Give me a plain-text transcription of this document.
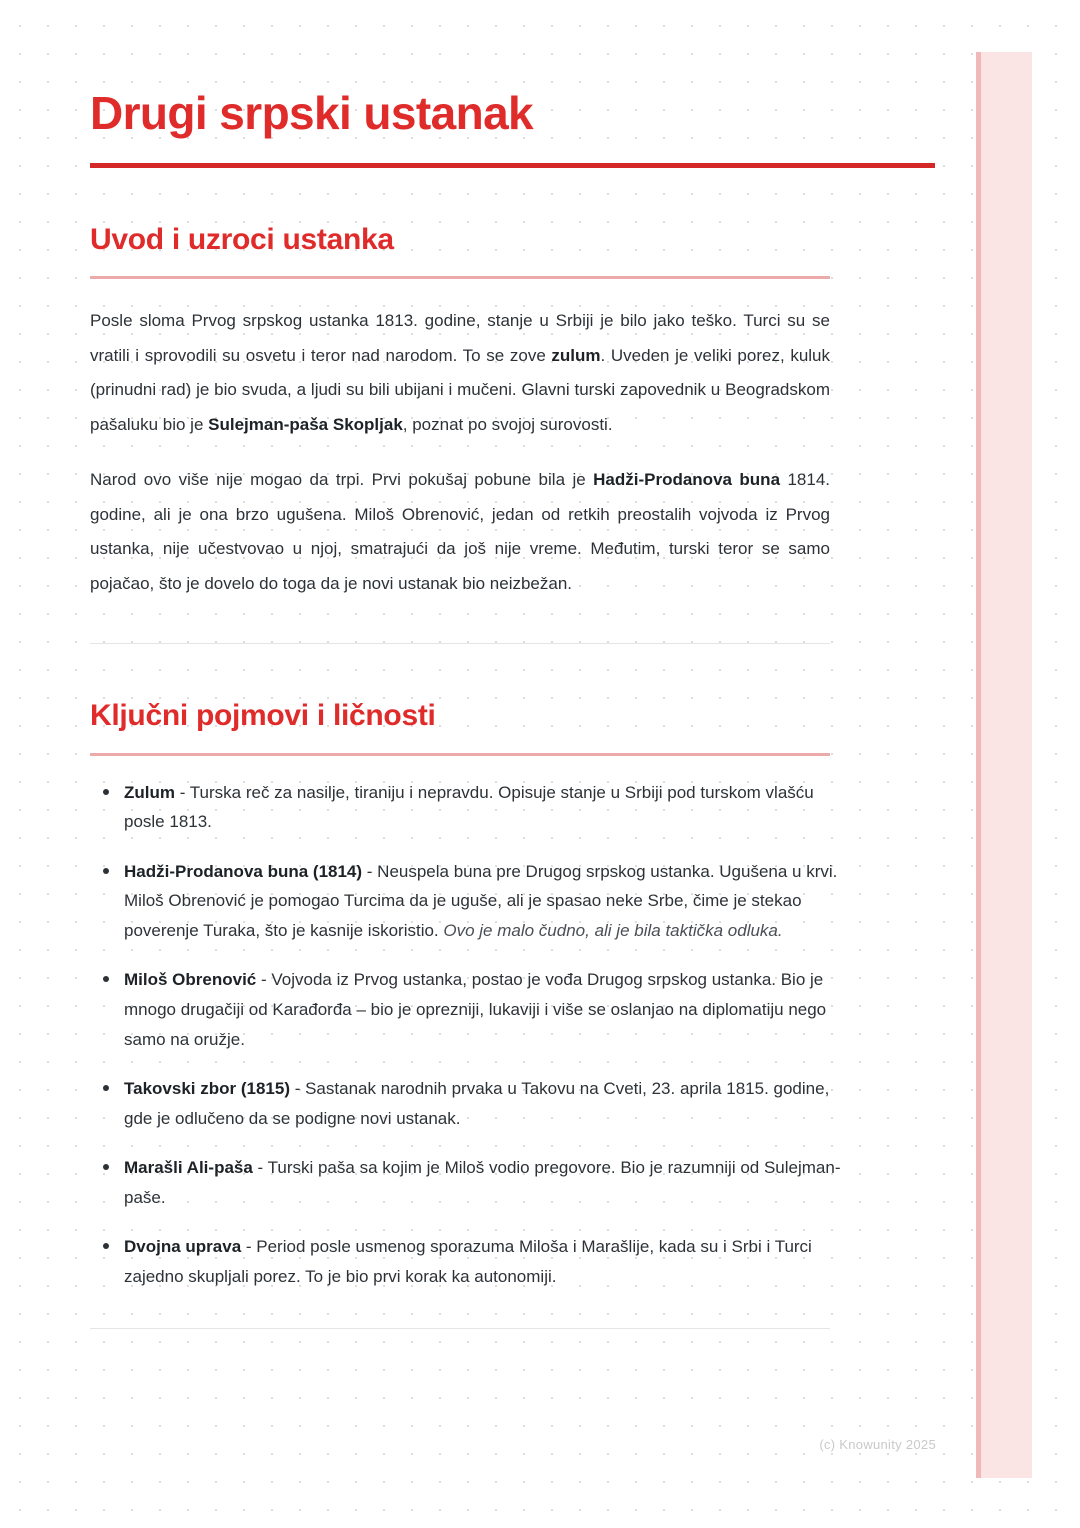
Drugi srpski ustanak
Uvod i uzroci ustanka

Posle sloma Prvog srpskog ustanka 1813. godine, stanje u Srbiji je bilo jako teško. Turci su se vratili i sprovodili su osvetu i teror nad narodom. To se zove zulum. Uveden je veliki porez, kuluk (prinudni rad) je bio svuda, a ljudi su bili ubijani i mučeni. Glavni turski zapovednik u Beogradskom pašaluku bio je Sulejman-paša Skopljak, poznat po svojoj surovosti.

Narod ovo više nije mogao da trpi. Prvi pokušaj pobune bila je Hadži-Prodanova buna 1814. godine, ali je ona brzo ugušena. Miloš Obrenović, jedan od retkih preostalih vojvoda iz Prvog ustanka, nije učestvovao u njoj, smatrajući da još nije vreme. Međutim, turski teror se samo pojačao, što je dovelo do toga da je novi ustanak bio neizbežan.

Ključni pojmovi i ličnosti
Zulum - Turska reč za nasilje, tiraniju i nepravdu. Opisuje stanje u Srbiji pod turskom vlašću posle 1813.
Hadži-Prodanova buna (1814) - Neuspela buna pre Drugog srpskog ustanka. Ugušena u krvi. Miloš Obrenović je pomogao Turcima da je uguše, ali je spasao neke Srbe, čime je stekao poverenje Turaka, što je kasnije iskoristio. Ovo je malo čudno, ali je bila taktička odluka.
Miloš Obrenović - Vojvoda iz Prvog ustanka, postao je vođa Drugog srpskog ustanka. Bio je mnogo drugačiji od Karađorđa – bio je oprezniji, lukaviji i više se oslanjao na diplomatiju nego samo na oružje.
Takovski zbor (1815) - Sastanak narodnih prvaka u Takovu na Cveti, 23. aprila 1815. godine, gde je odlučeno da se podigne novi ustanak.
Marašli Ali-paša - Turski paša sa kojim je Miloš vodio pregovore. Bio je razumniji od Sulejman-paše.
Dvojna uprava - Period posle usmenog sporazuma Miloša i Marašlije, kada su i Srbi i Turci zajedno skupljali porez. To je bio prvi korak ka autonomiji.
(c) Knowunity 2025
